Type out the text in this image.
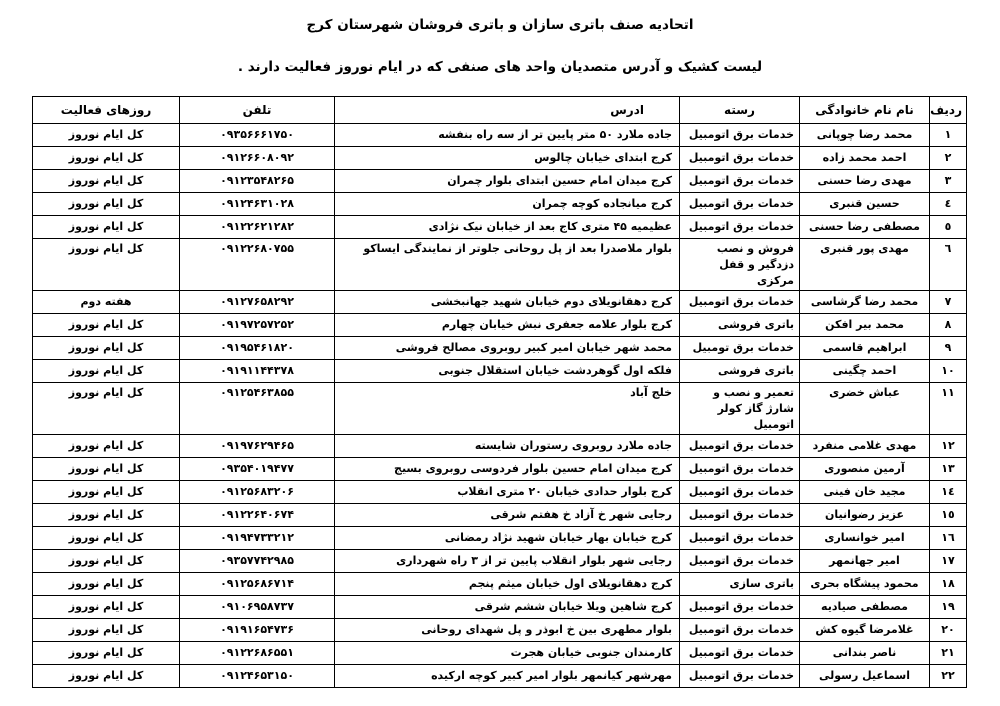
اتحادیه صنف باتری سازان و باتری فروشان شهرستان کرج
لیست کشیک و آدرس متصدیان واحد های صنفی که در ایام نوروز فعالیت دارند .
ردیف	نام نام خانوادگی	رسته	ادرس	تلفن	روزهای فعالیت
۱	محمد رضا چوپانی	خدمات برق اتومبیل	جاده ملارد ۵۰ متر پایین تر از سه راه بنفشه	۰۹۳۵۶۶۶۱۷۵۰	کل ایام نوروز
۲	احمد محمد زاده	خدمات برق اتومبیل	کرج ابتدای خیابان چالوس	۰۹۱۲۶۶۰۸۰۹۲	کل ایام نوروز
۳	مهدی رضا حسنی	خدمات برق اتومبیل	کرج میدان امام حسین ابتدای بلوار چمران	۰۹۱۲۳۵۴۸۲۶۵	کل ایام نوروز
٤	حسین قنبری	خدمات برق اتومبیل	کرج میانجاده کوچه چمران	۰۹۱۲۴۶۳۱۰۲۸	کل ایام نوروز
٥	مصطفی رضا حسنی	خدمات برق اتومبیل	عظیمیه ۴۵ متری کاج بعد از خیابان نیک نژادی	۰۹۱۲۲۶۲۱۲۸۲	کل ایام نوروز
٦	مهدی پور قنبری	فروش و نصب دزدگیر و قفل مرکزی	بلوار ملاصدرا بعد از پل روحانی جلوتر از نمایندگی ایساکو	۰۹۱۲۲۶۸۰۷۵۵	کل ایام نوروز
۷	محمد رضا گرشاسی	خدمات برق اتومبیل	کرج دهقانویلای دوم خیابان شهید جهانبخشی	۰۹۱۲۷۶۵۸۲۹۲	هفته دوم
۸	محمد بیر افکن	باتری فروشی	کرج بلوار علامه جعفری نبش خیابان چهارم	۰۹۱۹۷۲۵۷۲۵۲	کل ایام نوروز
۹	ابراهیم قاسمی	خدمات برق تومبیل	محمد شهر خیابان امیر کبیر روبروی مصالح فروشی	۰۹۱۹۵۴۶۱۸۲۰	کل ایام نوروز
۱۰	احمد چگینی	باتری فروشی	فلکه اول گوهردشت خیابان استقلال جنوبی	۰۹۱۹۱۱۴۴۳۷۸	کل ایام نوروز
۱۱	عباش خضری	تعمیر و نصب و شارژ گاز کولر اتومبیل	خلج آباد	۰۹۱۲۵۴۶۳۸۵۵	کل ایام نوروز
۱۲	مهدی غلامی منفرد	خدمات برق اتومبیل	جاده ملارد روبروی رستوران شایسته	۰۹۱۹۷۶۲۹۴۶۵	کل ایام نوروز
۱۳	آرمین منصوری	خدمات برق اتومبیل	کرج میدان امام حسین بلوار فردوسی روبروی بسیج	۰۹۳۵۴۰۱۹۴۷۷	کل ایام نوروز
۱٤	مجید خان فینی	خدمات برق ائومبیل	کرج بلوار حدادی خیابان ۲۰ متری انقلاب	۰۹۱۲۵۶۸۳۲۰۶	کل ایام نوروز
۱٥	عزیز رضوانیان	خدمات برق اتومبیل	رجایی شهر خ آزاد خ هفتم شرقی	۰۹۱۲۲۶۴۰۶۷۴	کل ایام نوروز
۱٦	امیر خوانساری	خدمات برق اتومبیل	کرج خیابان بهار خیابان شهید نژاد رمضانی	۰۹۱۹۴۷۳۳۲۱۲	کل ایام نوروز
۱۷	امیر جهانمهر	خدمات برق اتومبیل	رجایی شهر بلوار انقلاب پایین تر از ۳ راه شهرداری	۰۹۳۵۷۷۴۲۹۸۵	کل ایام نوروز
۱۸	محمود پیشگاه بحری	باتری سازی	کرج دهقانویلای اول خیابان میثم پنجم	۰۹۱۲۵۶۸۶۷۱۴	کل ایام نوروز
۱۹	مصطفی صیادیه	خدمات برق اتومبیل	کرج شاهین ویلا خیابان ششم شرقی	۰۹۱۰۶۹۵۸۷۳۷	کل ایام نوروز
۲۰	غلامرضا گیوه کش	خدمات برق اتومبیل	بلوار مطهری بین خ ابوذر و پل شهدای روحانی	۰۹۱۹۱۶۵۴۷۳۶	کل ایام نوروز
۲۱	ناصر بندانی	خدمات برق اتومبیل	کارمندان جنوبی خیابان هجرت	۰۹۱۲۲۶۸۶۵۵۱	کل ایام نوروز
۲۲	اسماعیل رسولی	خدمات برق اتومبیل	مهرشهر کیانمهر بلوار امیر کبیر کوچه ارکیده	۰۹۱۲۴۶۵۳۱۵۰	کل ایام نوروز
